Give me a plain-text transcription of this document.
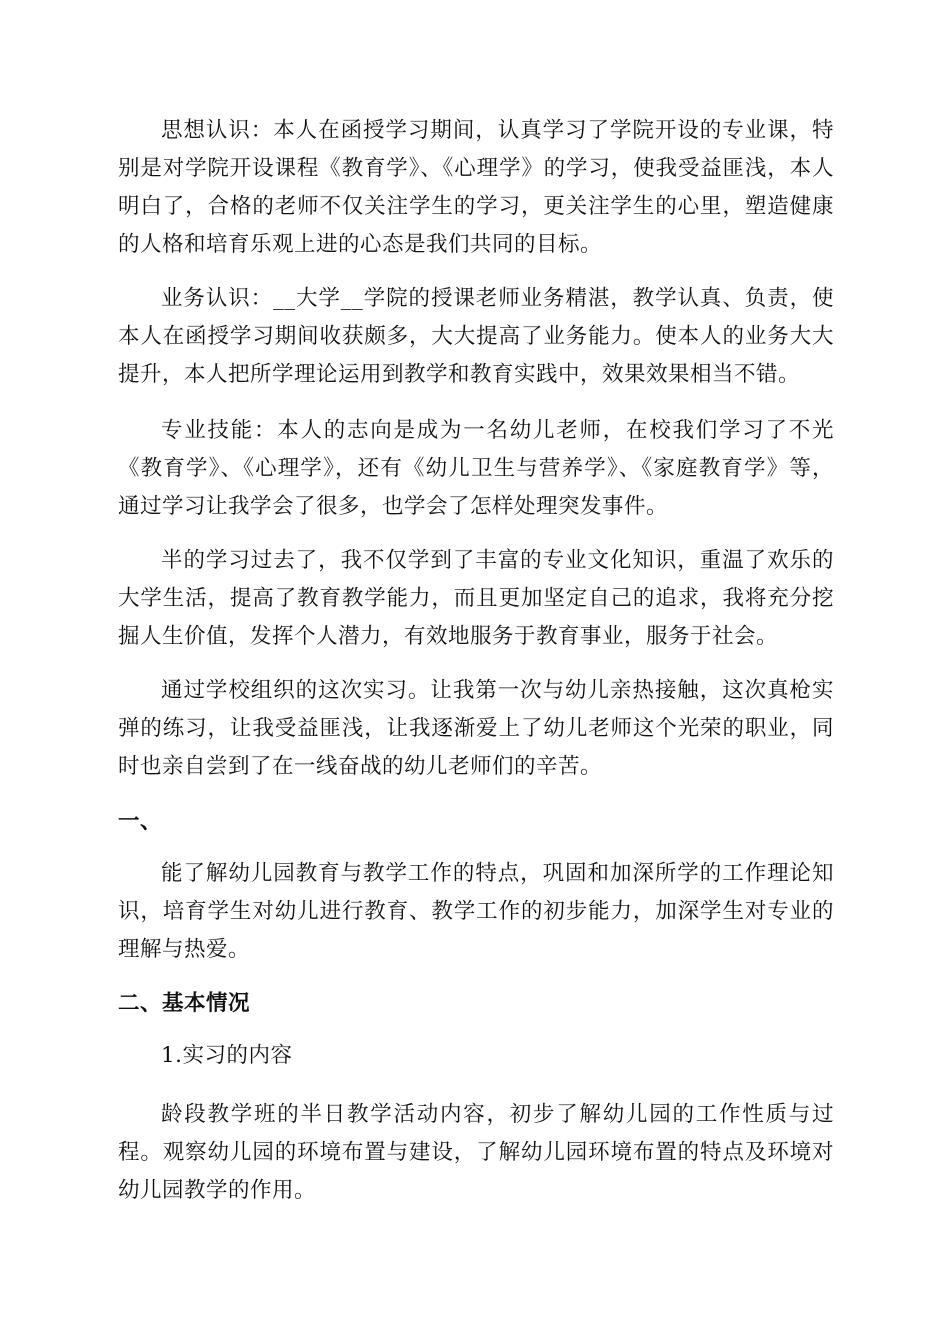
思想认识：本人在函授学习期间，认真学习了学院开设的专业课，特别是对学院开设课程《教育学》、《心理学》的学习，使我受益匪浅，本人明白了，合格的老师不仅关注学生的学习，更关注学生的心里，塑造健康的人格和培育乐观上进的心态是我们共同的目标。

业务认识：__大学__学院的授课老师业务精湛，教学认真、负责，使本人在函授学习期间收获颇多，大大提高了业务能力。使本人的业务大大提升，本人把所学理论运用到教学和教育实践中，效果效果相当不错。

专业技能：本人的志向是成为一名幼儿老师，在校我们学习了不光《教育学》、《心理学》，还有《幼儿卫生与营养学》、《家庭教育学》等，通过学习让我学会了很多，也学会了怎样处理突发事件。

半的学习过去了，我不仅学到了丰富的专业文化知识，重温了欢乐的大学生活，提高了教育教学能力，而且更加坚定自己的追求，我将充分挖掘人生价值，发挥个人潜力，有效地服务于教育事业，服务于社会。

通过学校组织的这次实习。让我第一次与幼儿亲热接触，这次真枪实弹的练习，让我受益匪浅，让我逐渐爱上了幼儿老师这个光荣的职业，同时也亲自尝到了在一线奋战的幼儿老师们的辛苦。

一、

能了解幼儿园教育与教学工作的特点，巩固和加深所学的工作理论知识，培育学生对幼儿进行教育、教学工作的初步能力，加深学生对专业的理解与热爱。

二、基本情况

1.实习的内容

龄段教学班的半日教学活动内容，初步了解幼儿园的工作性质与过程。观察幼儿园的环境布置与建设，了解幼儿园环境布置的特点及环境对幼儿园教学的作用。
